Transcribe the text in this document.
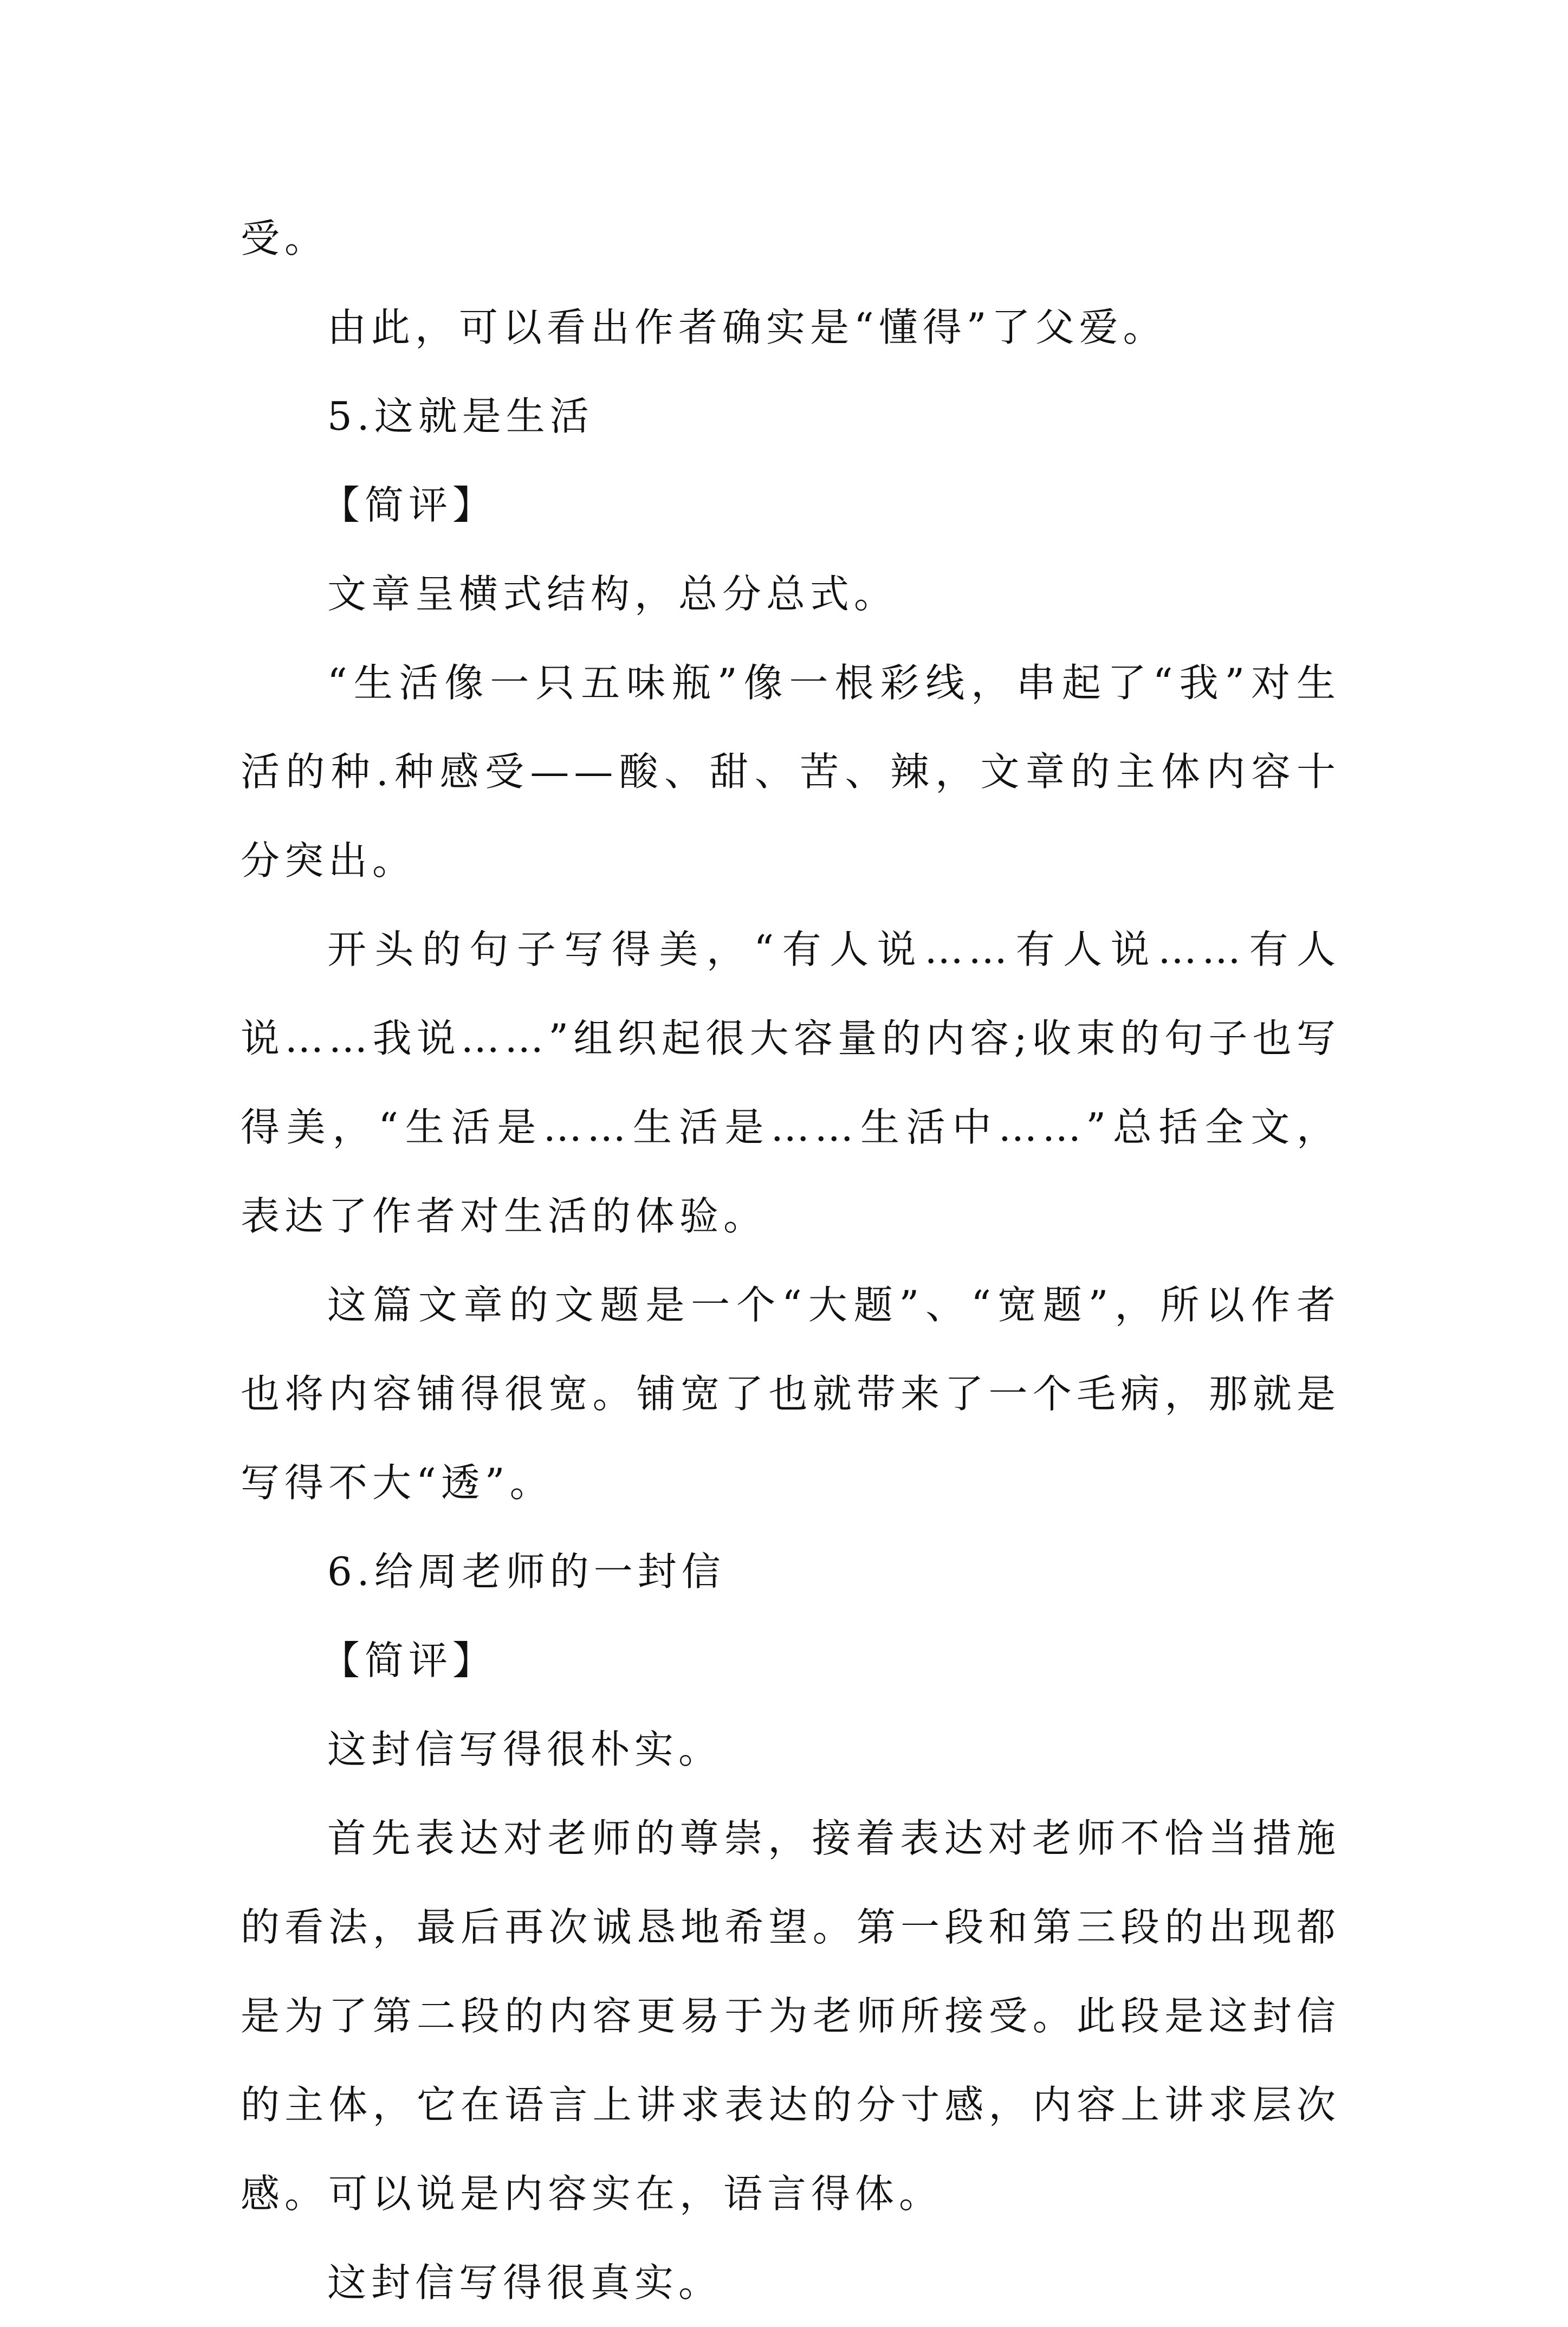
受。

由此，可以看出作者确实是“懂得”了父爱。

5.这就是生活

【简评】

文章呈横式结构，总分总式。

“生活像一只五味瓶”像一根彩线，串起了“我”对生活的种.种感受——酸、甜、苦、辣，文章的主体内容十分突出。

开头的句子写得美，“有人说……有人说……有人说……我说……”组织起很大容量的内容;收束的句子也写得美，“生活是……生活是……生活中……”总括全文，表达了作者对生活的体验。

这篇文章的文题是一个“大题”、“宽题”，所以作者也将内容铺得很宽。铺宽了也就带来了一个毛病，那就是写得不大“透”。

6.给周老师的一封信

【简评】

这封信写得很朴实。

首先表达对老师的尊崇，接着表达对老师不恰当措施的看法，最后再次诚恳地希望。第一段和第三段的出现都是为了第二段的内容更易于为老师所接受。此段是这封信的主体，它在语言上讲求表达的分寸感，内容上讲求层次感。可以说是内容实在，语言得体。

这封信写得很真实。
